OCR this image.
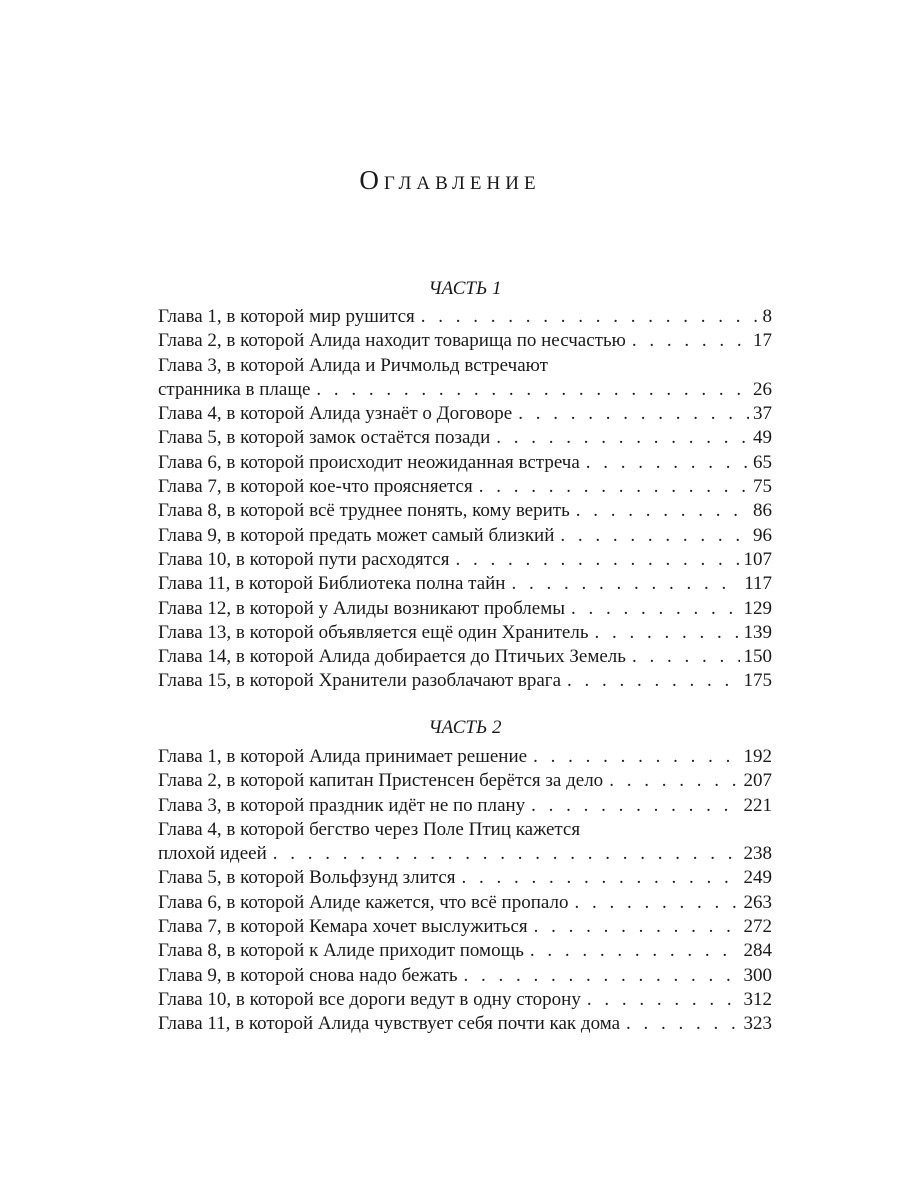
Оглавление
ЧАСТЬ 1
Глава 1, в которой мир рушится . . .	8
Глава 2, в которой Алида находит товарища по несчастью . . .	17
Глава 3, в которой Алида и Ричмольд встречают
странника в плаще . . .	26
Глава 4, в которой Алида узнаёт о Договоре . . .	37
Глава 5, в которой замок остаётся позади . . .	49
Глава 6, в которой происходит неожиданная встреча . . .	65
Глава 7, в которой кое-что проясняется . . .	75
Глава 8, в которой всё труднее понять, кому верить . . .	86
Глава 9, в которой предать может самый близкий . . .	96
Глава 10, в которой пути расходятся . . .	107
Глава 11, в которой Библиотека полна тайн . . .	117
Глава 12, в которой у Алиды возникают проблемы . . .	129
Глава 13, в которой объявляется ещё один Хранитель . . .	139
Глава 14, в которой Алида добирается до Птичьих Земель . . .	150
Глава 15, в которой Хранители разоблачают врага . . .	175
ЧАСТЬ 2
Глава 1, в которой Алида принимает решение . . .	192
Глава 2, в которой капитан Пристенсен берётся за дело . . .	207
Глава 3, в которой праздник идёт не по плану . . .	221
Глава 4, в которой бегство через Поле Птиц кажется
плохой идеей . . .	238
Глава 5, в которой Вольфзунд злится . . .	249
Глава 6, в которой Алиде кажется, что всё пропало . . .	263
Глава 7, в которой Кемара хочет выслужиться . . .	272
Глава 8, в которой к Алиде приходит помощь . . .	284
Глава 9, в которой снова надо бежать . . .	300
Глава 10, в которой все дороги ведут в одну сторону . . .	312
Глава 11, в которой Алида чувствует себя почти как дома . . .	323
